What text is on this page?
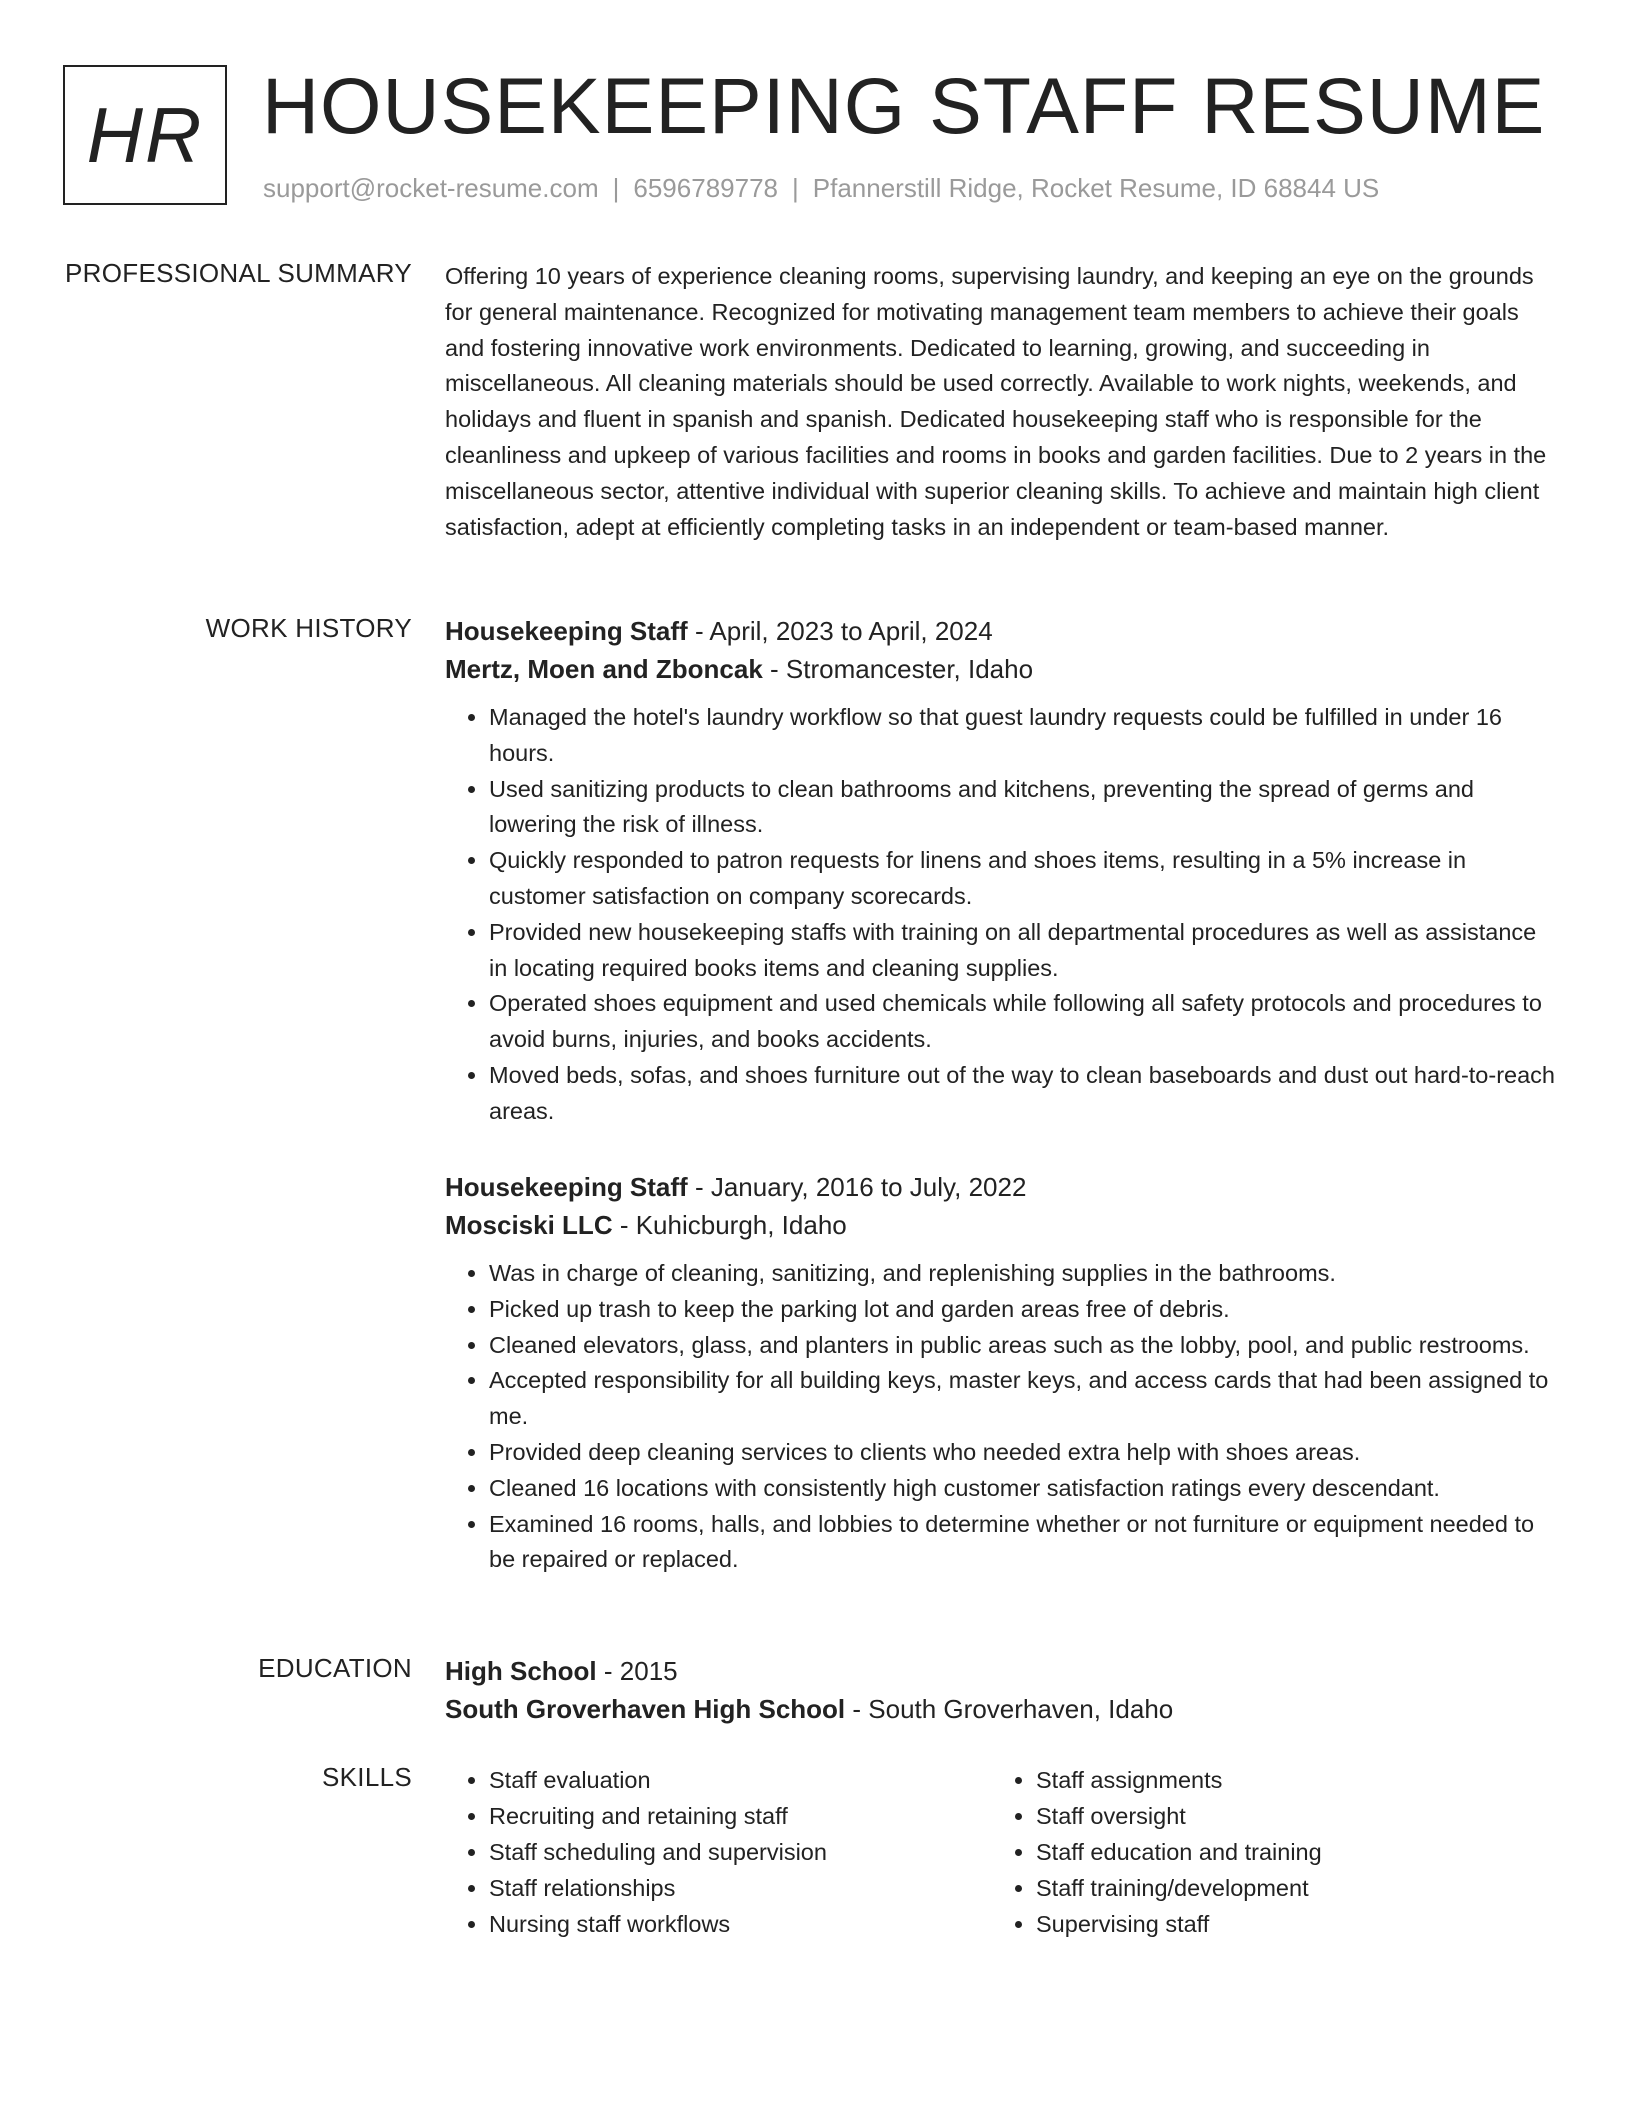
HR HOUSEKEEPING STAFF RESUME
support@rocket-resume.com | 6596789778 | Pfannerstill Ridge, Rocket Resume, ID 68844 US
PROFESSIONAL SUMMARY Offering 10 years of experience cleaning rooms, supervising laundry, and keeping an eye on the grounds for general maintenance. Recognized for motivating management team members to achieve their goals and fostering innovative work environments. Dedicated to learning, growing, and succeeding in miscellaneous. All cleaning materials should be used correctly. Available to work nights, weekends, and holidays and fluent in spanish and spanish. Dedicated housekeeping staff who is responsible for the cleanliness and upkeep of various facilities and rooms in books and garden facilities. Due to 2 years in the miscellaneous sector, attentive individual with superior cleaning skills. To achieve and maintain high client satisfaction, adept at efficiently completing tasks in an independent or team-based manner.

WORK HISTORY Housekeeping Staff - April, 2023 to April, 2024
Mertz, Moen and Zboncak - Stromancester, Idaho
• Managed the hotel's laundry workflow so that guest laundry requests could be fulfilled in under 16 hours.
• Used sanitizing products to clean bathrooms and kitchens, preventing the spread of germs and lowering the risk of illness.
• Quickly responded to patron requests for linens and shoes items, resulting in a 5% increase in customer satisfaction on company scorecards.
• Provided new housekeeping staffs with training on all departmental procedures as well as assistance in locating required books items and cleaning supplies.
• Operated shoes equipment and used chemicals while following all safety protocols and procedures to avoid burns, injuries, and books accidents.
• Moved beds, sofas, and shoes furniture out of the way to clean baseboards and dust out hard-to-reach areas.
Housekeeping Staff - January, 2016 to July, 2022
Mosciski LLC - Kuhicburgh, Idaho
• Was in charge of cleaning, sanitizing, and replenishing supplies in the bathrooms.
• Picked up trash to keep the parking lot and garden areas free of debris.
• Cleaned elevators, glass, and planters in public areas such as the lobby, pool, and public restrooms.
• Accepted responsibility for all building keys, master keys, and access cards that had been assigned to me.
• Provided deep cleaning services to clients who needed extra help with shoes areas.
• Cleaned 16 locations with consistently high customer satisfaction ratings every descendant.
• Examined 16 rooms, halls, and lobbies to determine whether or not furniture or equipment needed to be repaired or replaced.
EDUCATION High School - 2015
South Groverhaven High School - South Groverhaven, Idaho
SKILLS
•	Staff evaluation
• Recruiting and retaining staff
• Staff scheduling and supervision
• Staff relationships
• Nursing staff workflows
• Staff assignments
• Staff oversight
• Staff education and training
• Staff training/development
• Supervising staff
